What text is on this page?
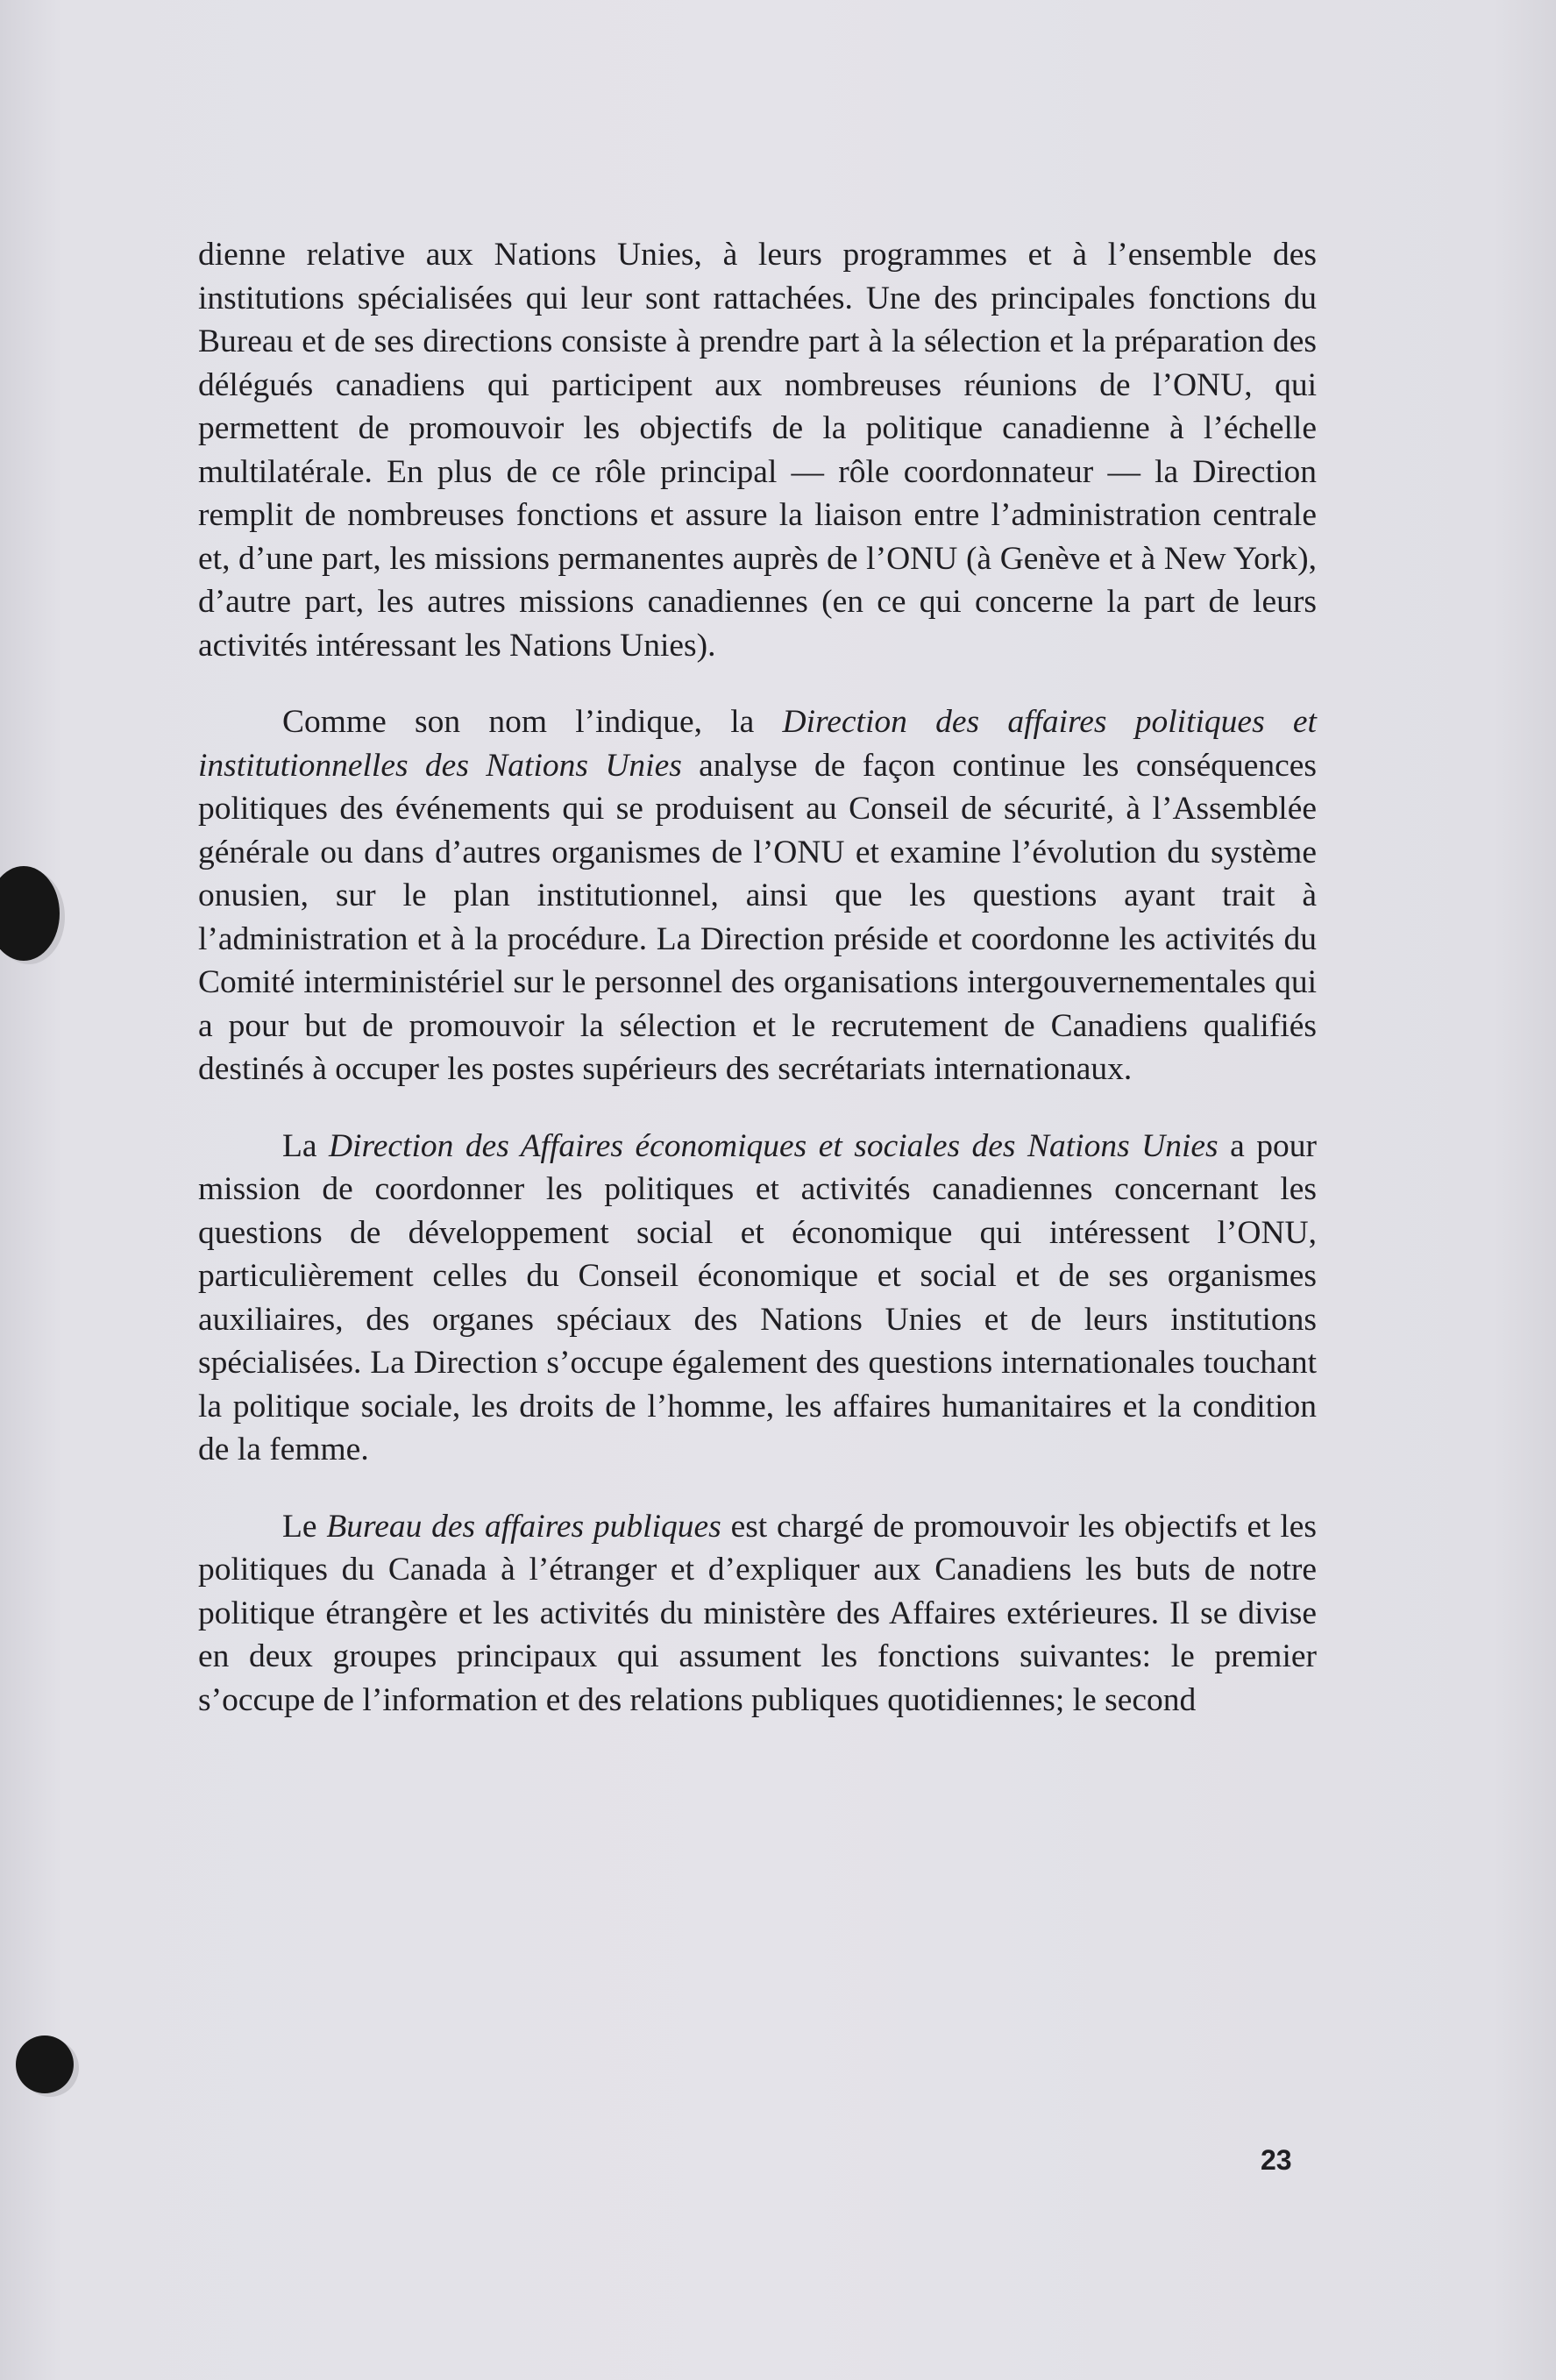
dienne relative aux Nations Unies, à leurs programmes et à l’ensemble des institutions spécialisées qui leur sont rattachées. Une des principales fonctions du Bureau et de ses directions consiste à prendre part à la sélection et la préparation des délégués canadiens qui participent aux nombreuses réunions de l’ONU, qui permettent de promouvoir les objectifs de la politique canadienne à l’échelle multilatérale. En plus de ce rôle principal — rôle coordonnateur — la Direction remplit de nombreuses fonctions et assure la liaison entre l’administration centrale et, d’une part, les missions permanentes auprès de l’ONU (à Genève et à New York), d’autre part, les autres missions canadiennes (en ce qui concerne la part de leurs activités intéressant les Nations Unies).

Comme son nom l’indique, la Direction des affaires politiques et institutionnelles des Nations Unies analyse de façon continue les conséquences politiques des événements qui se produisent au Conseil de sécurité, à l’Assemblée générale ou dans d’autres organismes de l’ONU et examine l’évolution du système onusien, sur le plan institutionnel, ainsi que les questions ayant trait à l’administration et à la procédure. La Direction préside et coordonne les activités du Comité interministériel sur le personnel des organisations intergouvernementales qui a pour but de promouvoir la sélection et le recrutement de Canadiens qualifiés destinés à occuper les postes supérieurs des secrétariats internationaux.

La Direction des Affaires économiques et sociales des Nations Unies a pour mission de coordonner les politiques et activités canadiennes concernant les questions de développement social et économique qui intéressent l’ONU, particulièrement celles du Conseil économique et social et de ses organismes auxiliaires, des organes spéciaux des Nations Unies et de leurs institutions spécialisées. La Direction s’occupe également des questions internationales touchant la politique sociale, les droits de l’homme, les affaires humanitaires et la condition de la femme.

Le Bureau des affaires publiques est chargé de promouvoir les objectifs et les politiques du Canada à l’étranger et d’expliquer aux Canadiens les buts de notre politique étrangère et les activités du ministère des Affaires extérieures. Il se divise en deux groupes principaux qui assument les fonctions suivantes: le premier s’occupe de l’information et des relations publiques quotidiennes; le second

23
